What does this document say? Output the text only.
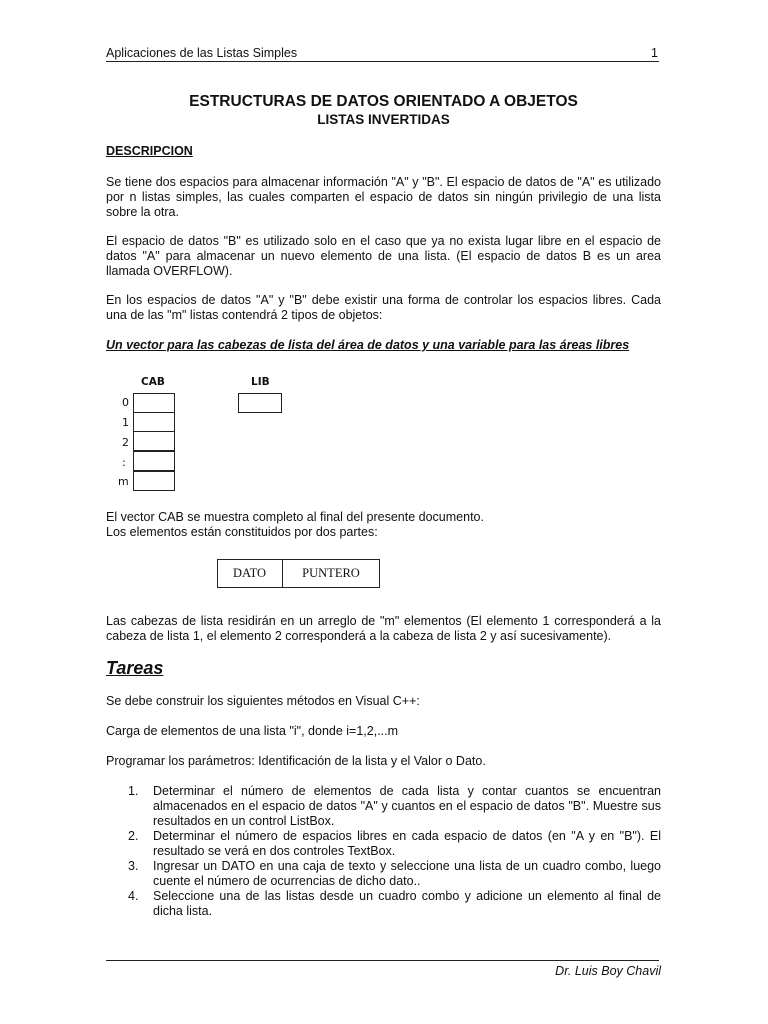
Aplicaciones de las Listas Simples	1
ESTRUCTURAS DE DATOS ORIENTADO A OBJETOS
LISTAS INVERTIDAS
DESCRIPCION
Se tiene dos espacios para almacenar información "A" y "B". El espacio de datos de "A" es utilizado
por n listas simples, las cuales comparten el espacio de datos sin ningún privilegio de una lista
sobre la otra.
El espacio de datos "B" es utilizado solo en el caso que ya no exista lugar libre en el espacio de
datos "A" para almacenar un nuevo elemento de una lista. (El espacio de datos B es un area
llamada OVERFLOW).
En los espacios de datos "A" y "B" debe existir una forma de controlar los espacios libres. Cada
una de las "m" listas contendrá 2 tipos de objetos:
Un vector para las cabezas de lista del área de datos y una variable para las áreas libres
CAB	LIB
0
1
2
:
m
El vector CAB se muestra completo al final del presente documento.
Los elementos están constituidos por dos partes:
DATO	PUNTERO
Las cabezas de lista residirán en un arreglo de "m" elementos (El elemento 1 corresponderá a la
cabeza de lista 1, el elemento 2 corresponderá a la cabeza de lista 2 y así sucesivamente).
Tareas
Se debe construir los siguientes métodos en Visual C++:
Carga de elementos de una lista "i", donde i=1,2,...m
Programar los parámetros: Identificación de la lista y el Valor o Dato.
1. Determinar el número de elementos de cada lista y contar cuantos se encuentran
almacenados en el espacio de datos "A" y cuantos en el espacio de datos "B". Muestre sus
resultados en un control ListBox.
2. Determinar el número de espacios libres en cada espacio de datos (en "A y en "B"). El
resultado se verá en dos controles TextBox.
3. Ingresar un DATO en una caja de texto y seleccione una lista de un cuadro combo, luego
cuente el número de ocurrencias de dicho dato..
4. Seleccione una de las listas desde un cuadro combo y adicione un elemento al final de
dicha lista.
Dr. Luis Boy Chavil
